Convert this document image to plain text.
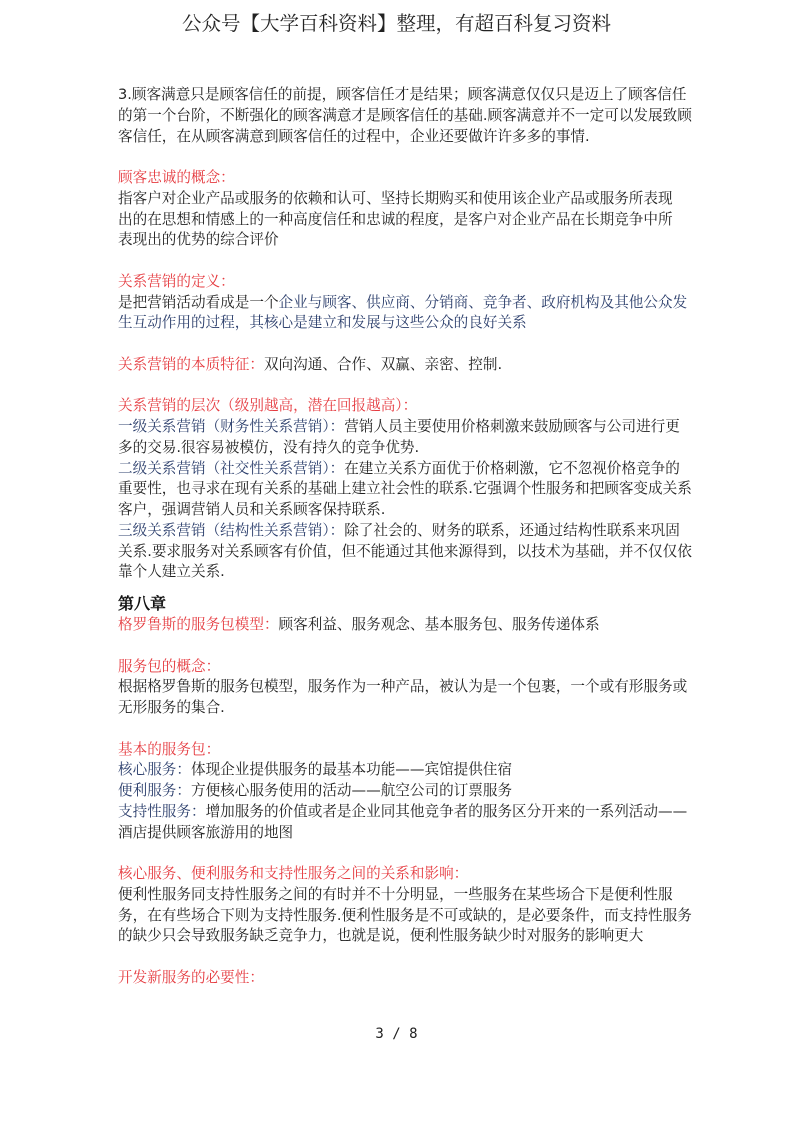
公众号【大学百科资料】整理，有超百科复习资料
3.顾客满意只是顾客信任的前提，顾客信任才是结果；顾客满意仅仅只是迈上了顾客信任
的第一个台阶，不断强化的顾客满意才是顾客信任的基础.顾客满意并不一定可以发展致顾
客信任，在从顾客满意到顾客信任的过程中，企业还要做许许多多的事情.
顾客忠诚的概念：
指客户对企业产品或服务的依赖和认可、坚持长期购买和使用该企业产品或服务所表现
出的在思想和情感上的一种高度信任和忠诚的程度，是客户对企业产品在长期竞争中所
表现出的优势的综合评价
关系营销的定义：
是把营销活动看成是一个企业与顾客、供应商、分销商、竞争者、政府机构及其他公众发
生互动作用的过程，其核心是建立和发展与这些公众的良好关系
关系营销的本质特征：双向沟通、合作、双赢、亲密、控制.
关系营销的层次（级别越高，潜在回报越高）：
一级关系营销（财务性关系营销）：营销人员主要使用价格刺激来鼓励顾客与公司进行更
多的交易.很容易被模仿，没有持久的竞争优势.
二级关系营销（社交性关系营销）：在建立关系方面优于价格刺激，它不忽视价格竞争的
重要性，也寻求在现有关系的基础上建立社会性的联系.它强调个性服务和把顾客变成关系
客户，强调营销人员和关系顾客保持联系.
三级关系营销（结构性关系营销）：除了社会的、财务的联系，还通过结构性联系来巩固
关系.要求服务对关系顾客有价值，但不能通过其他来源得到，以技术为基础，并不仅仅依
靠个人建立关系.
第八章
格罗鲁斯的服务包模型：顾客利益、服务观念、基本服务包、服务传递体系
服务包的概念：
根据格罗鲁斯的服务包模型，服务作为一种产品，被认为是一个包裹，一个或有形服务或
无形服务的集合.
基本的服务包：
核心服务：体现企业提供服务的最基本功能——宾馆提供住宿
便利服务：方便核心服务使用的活动——航空公司的订票服务
支持性服务：增加服务的价值或者是企业同其他竞争者的服务区分开来的一系列活动——
酒店提供顾客旅游用的地图
核心服务、便利服务和支持性服务之间的关系和影响：
便利性服务同支持性服务之间的有时并不十分明显，一些服务在某些场合下是便利性服
务，在有些场合下则为支持性服务.便利性服务是不可或缺的，是必要条件，而支持性服务
的缺少只会导致服务缺乏竞争力，也就是说，便利性服务缺少时对服务的影响更大
开发新服务的必要性：
3 / 8
